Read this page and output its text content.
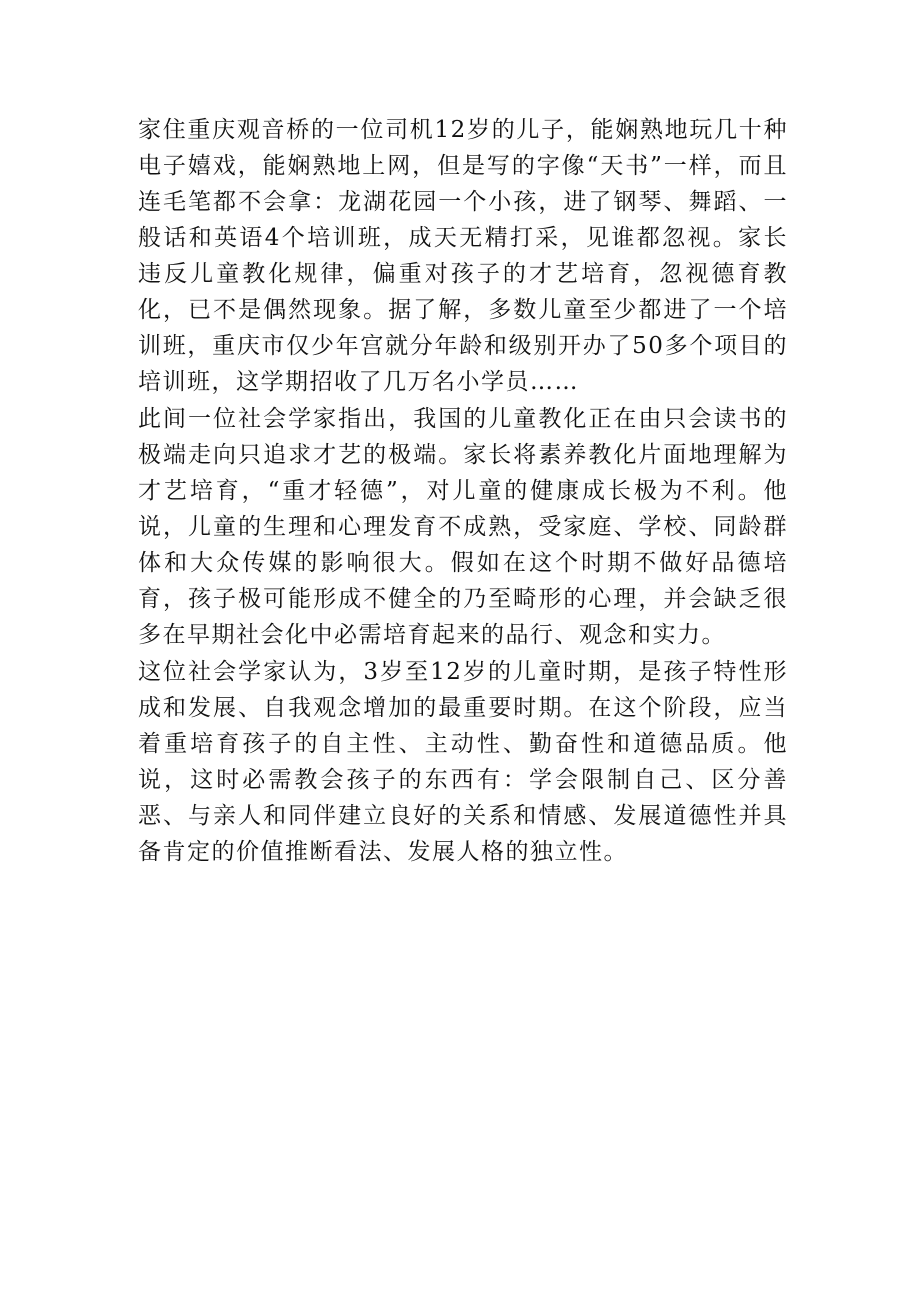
家住重庆观音桥的一位司机12岁的儿子，能娴熟地玩几十种电子嬉戏，能娴熟地上网，但是写的字像“天书”一样，而且连毛笔都不会拿：龙湖花园一个小孩，进了钢琴、舞蹈、一般话和英语4个培训班，成天无精打采，见谁都忽视。家长违反儿童教化规律，偏重对孩子的才艺培育，忽视德育教化，已不是偶然现象。据了解，多数儿童至少都进了一个培训班，重庆市仅少年宫就分年龄和级别开办了50多个项目的培训班，这学期招收了几万名小学员……

此间一位社会学家指出，我国的儿童教化正在由只会读书的极端走向只追求才艺的极端。家长将素养教化片面地理解为才艺培育，“重才轻德”，对儿童的健康成长极为不利。他说，儿童的生理和心理发育不成熟，受家庭、学校、同龄群体和大众传媒的影响很大。假如在这个时期不做好品德培育，孩子极可能形成不健全的乃至畸形的心理，并会缺乏很多在早期社会化中必需培育起来的品行、观念和实力。

这位社会学家认为，3岁至12岁的儿童时期，是孩子特性形成和发展、自我观念增加的最重要时期。在这个阶段，应当着重培育孩子的自主性、主动性、勤奋性和道德品质。他说，这时必需教会孩子的东西有：学会限制自己、区分善恶、与亲人和同伴建立良好的关系和情感、发展道德性并具备肯定的价值推断看法、发展人格的独立性。
